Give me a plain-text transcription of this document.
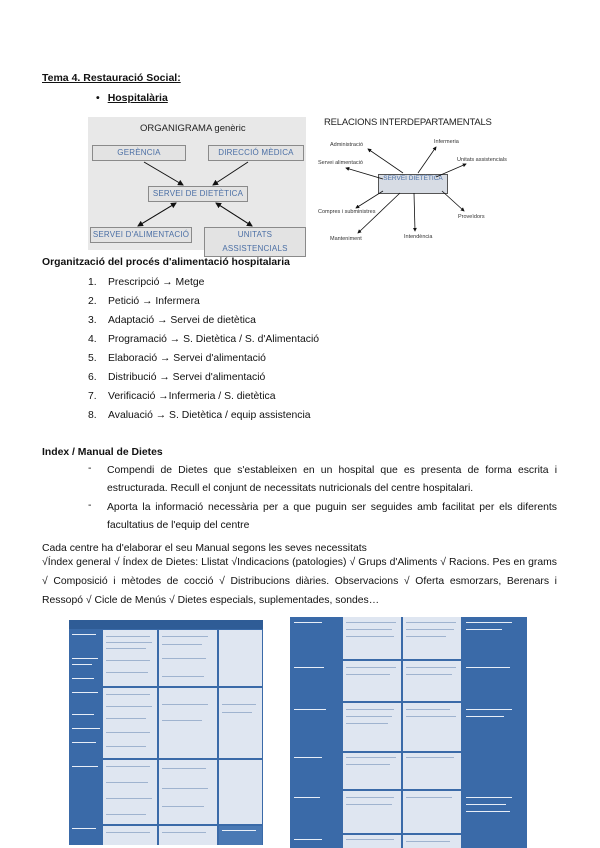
Tema 4. Restauració Social:
• Hospitalària
ORGANIGRAMA genèric
GERÈNCIA	DIRECCIÓ MÈDICA
SERVEI DE DIETÈTICA
SERVEI D'ALIMENTACIÓ	UNITATS ASSISTENCIALS
RELACIONS INTERDEPARTAMENTALS
SERVEI DIETÈTICA
Administració	Infermeria
Unitats assistencials
Servei alimentació
Compres i subministres
Manteniment	Intendència
Proveïdors
Organització del procés d'alimentació hospitalaria
1. Prescripció → Metge
2. Petició → Infermera
3. Adaptació → Servei de dietètica
4. Programació → S. Dietètica / S. d'Alimentació
5. Elaboració → Servei d'alimentació
6. Distribució → Servei d'alimentació
7. Verificació →Infermeria / S. dietètica
8. Avaluació → S. Dietètica / equip assistencia
Index / Manual de Dietes
- Compendi de Dietes que s'estableixen en un hospital que es presenta de forma escrita i estructurada. Recull el conjunt de necessitats nutricionals del centre hospitalari.
- Aporta la informació necessària per a que puguin ser seguides amb facilitat per els diferents facultatius de l'equip del centre
Cada centre ha d'elaborar el seu Manual segons les seves necessitats
√Índex general √ Índex de Dietes: Llistat √Indicacions (patologies) √ Grups d'Aliments √ Racions. Pes en grams √ Composició i mètodes de cocció √ Distribucions diàries. Observacions √ Oferta esmorzars, Berenars i Ressopó √ Cicle de Menús √ Dietes especials, suplementades, sondes…
